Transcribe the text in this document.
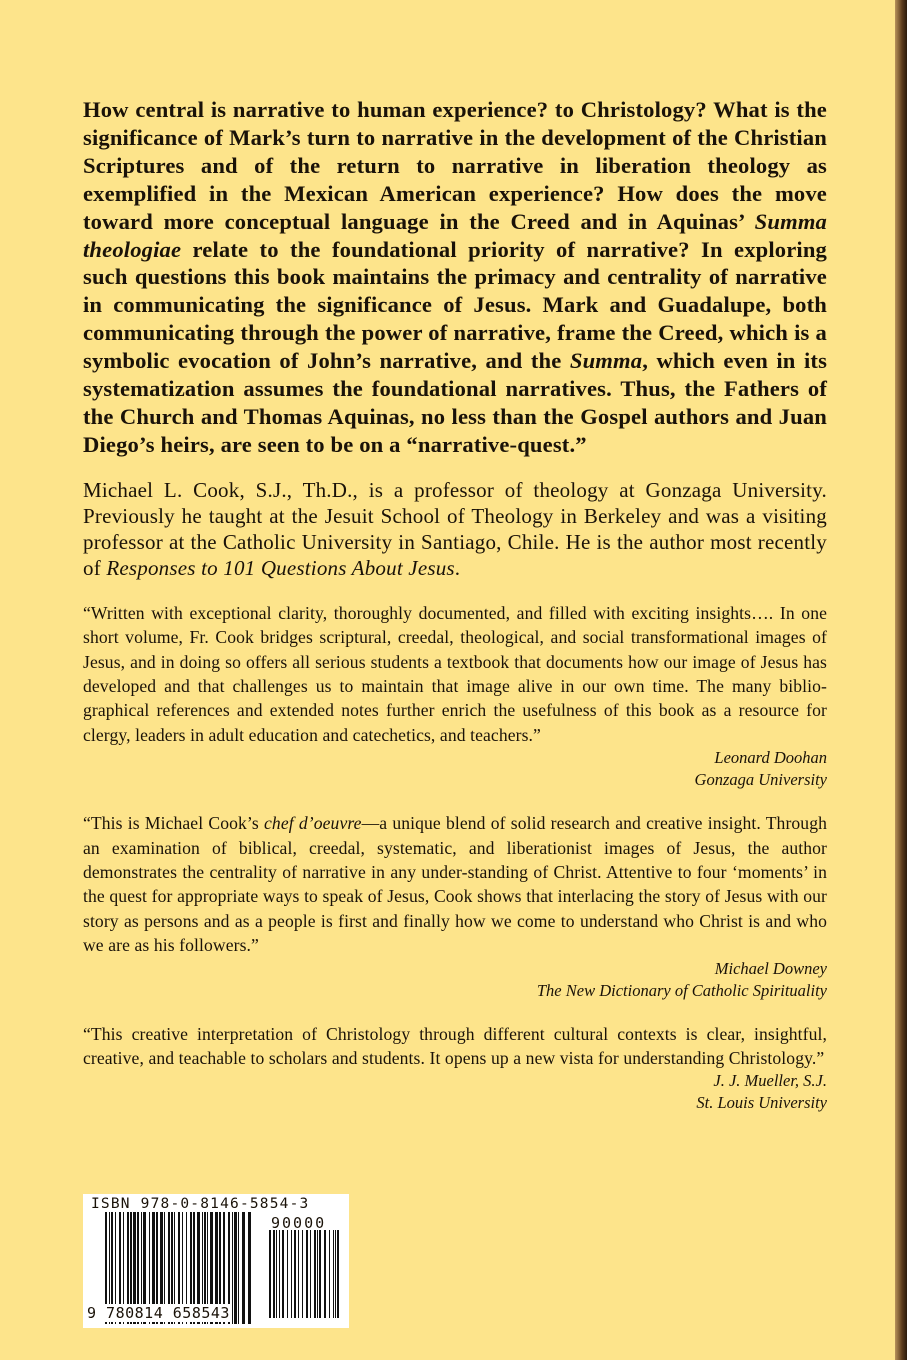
How central is narrative to human experience? to Christology? What is the significance of Mark’s turn to narrative in the development of the Christian Scriptures and of the return to narrative in liberation theology as exemplified in the Mexican American experience? How does the move toward more conceptual language in the Creed and in Aquinas’ Summa theologiae relate to the foundational priority of narrative? In exploring such questions this book maintains the primacy and centrality of narrative in communicating the significance of Jesus. Mark and Guadalupe, both communicating through the power of narrative, frame the Creed, which is a symbolic evocation of John’s narrative, and the Summa, which even in its systematization assumes the foundational narratives. Thus, the Fathers of the Church and Thomas Aquinas, no less than the Gospel authors and Juan Diego’s heirs, are seen to be on a “narrative-quest.”

Michael L. Cook, S.J., Th.D., is a professor of theology at Gonzaga University. Previously he taught at the Jesuit School of Theology in Berkeley and was a visiting professor at the Catholic University in Santiago, Chile. He is the author most recently of Responses to 101 Questions About Jesus.

“Written with exceptional clarity, thoroughly documented, and filled with exciting insights…. In one short volume, Fr. Cook bridges scriptural, creedal, theological, and social transformational images of Jesus, and in doing so offers all serious students a textbook that documents how our image of Jesus has developed and that challenges us to maintain that image alive in our own time. The many biblio-graphical references and extended notes further enrich the usefulness of this book as a resource for clergy, leaders in adult education and catechetics, and teachers.”

Leonard Doohan
Gonzaga University

“This is Michael Cook’s chef d’oeuvre—a unique blend of solid research and creative insight. Through an examination of biblical, creedal, systematic, and liberationist images of Jesus, the author demonstrates the centrality of narrative in any under-standing of Christ. Attentive to four ‘moments’ in the quest for appropriate ways to speak of Jesus, Cook shows that interlacing the story of Jesus with our story as persons and as a people is first and finally how we come to understand who Christ is and who we are as his followers.”

Michael Downey
The New Dictionary of Catholic Spirituality

“This creative interpretation of Christology through different cultural contexts is clear, insightful, creative, and teachable to scholars and students. It opens up a new vista for understanding Christology.”

J. J. Mueller, S.J.
St. Louis University
ISBN 978-0-8146-5854-3
90000
9 780814 658543
